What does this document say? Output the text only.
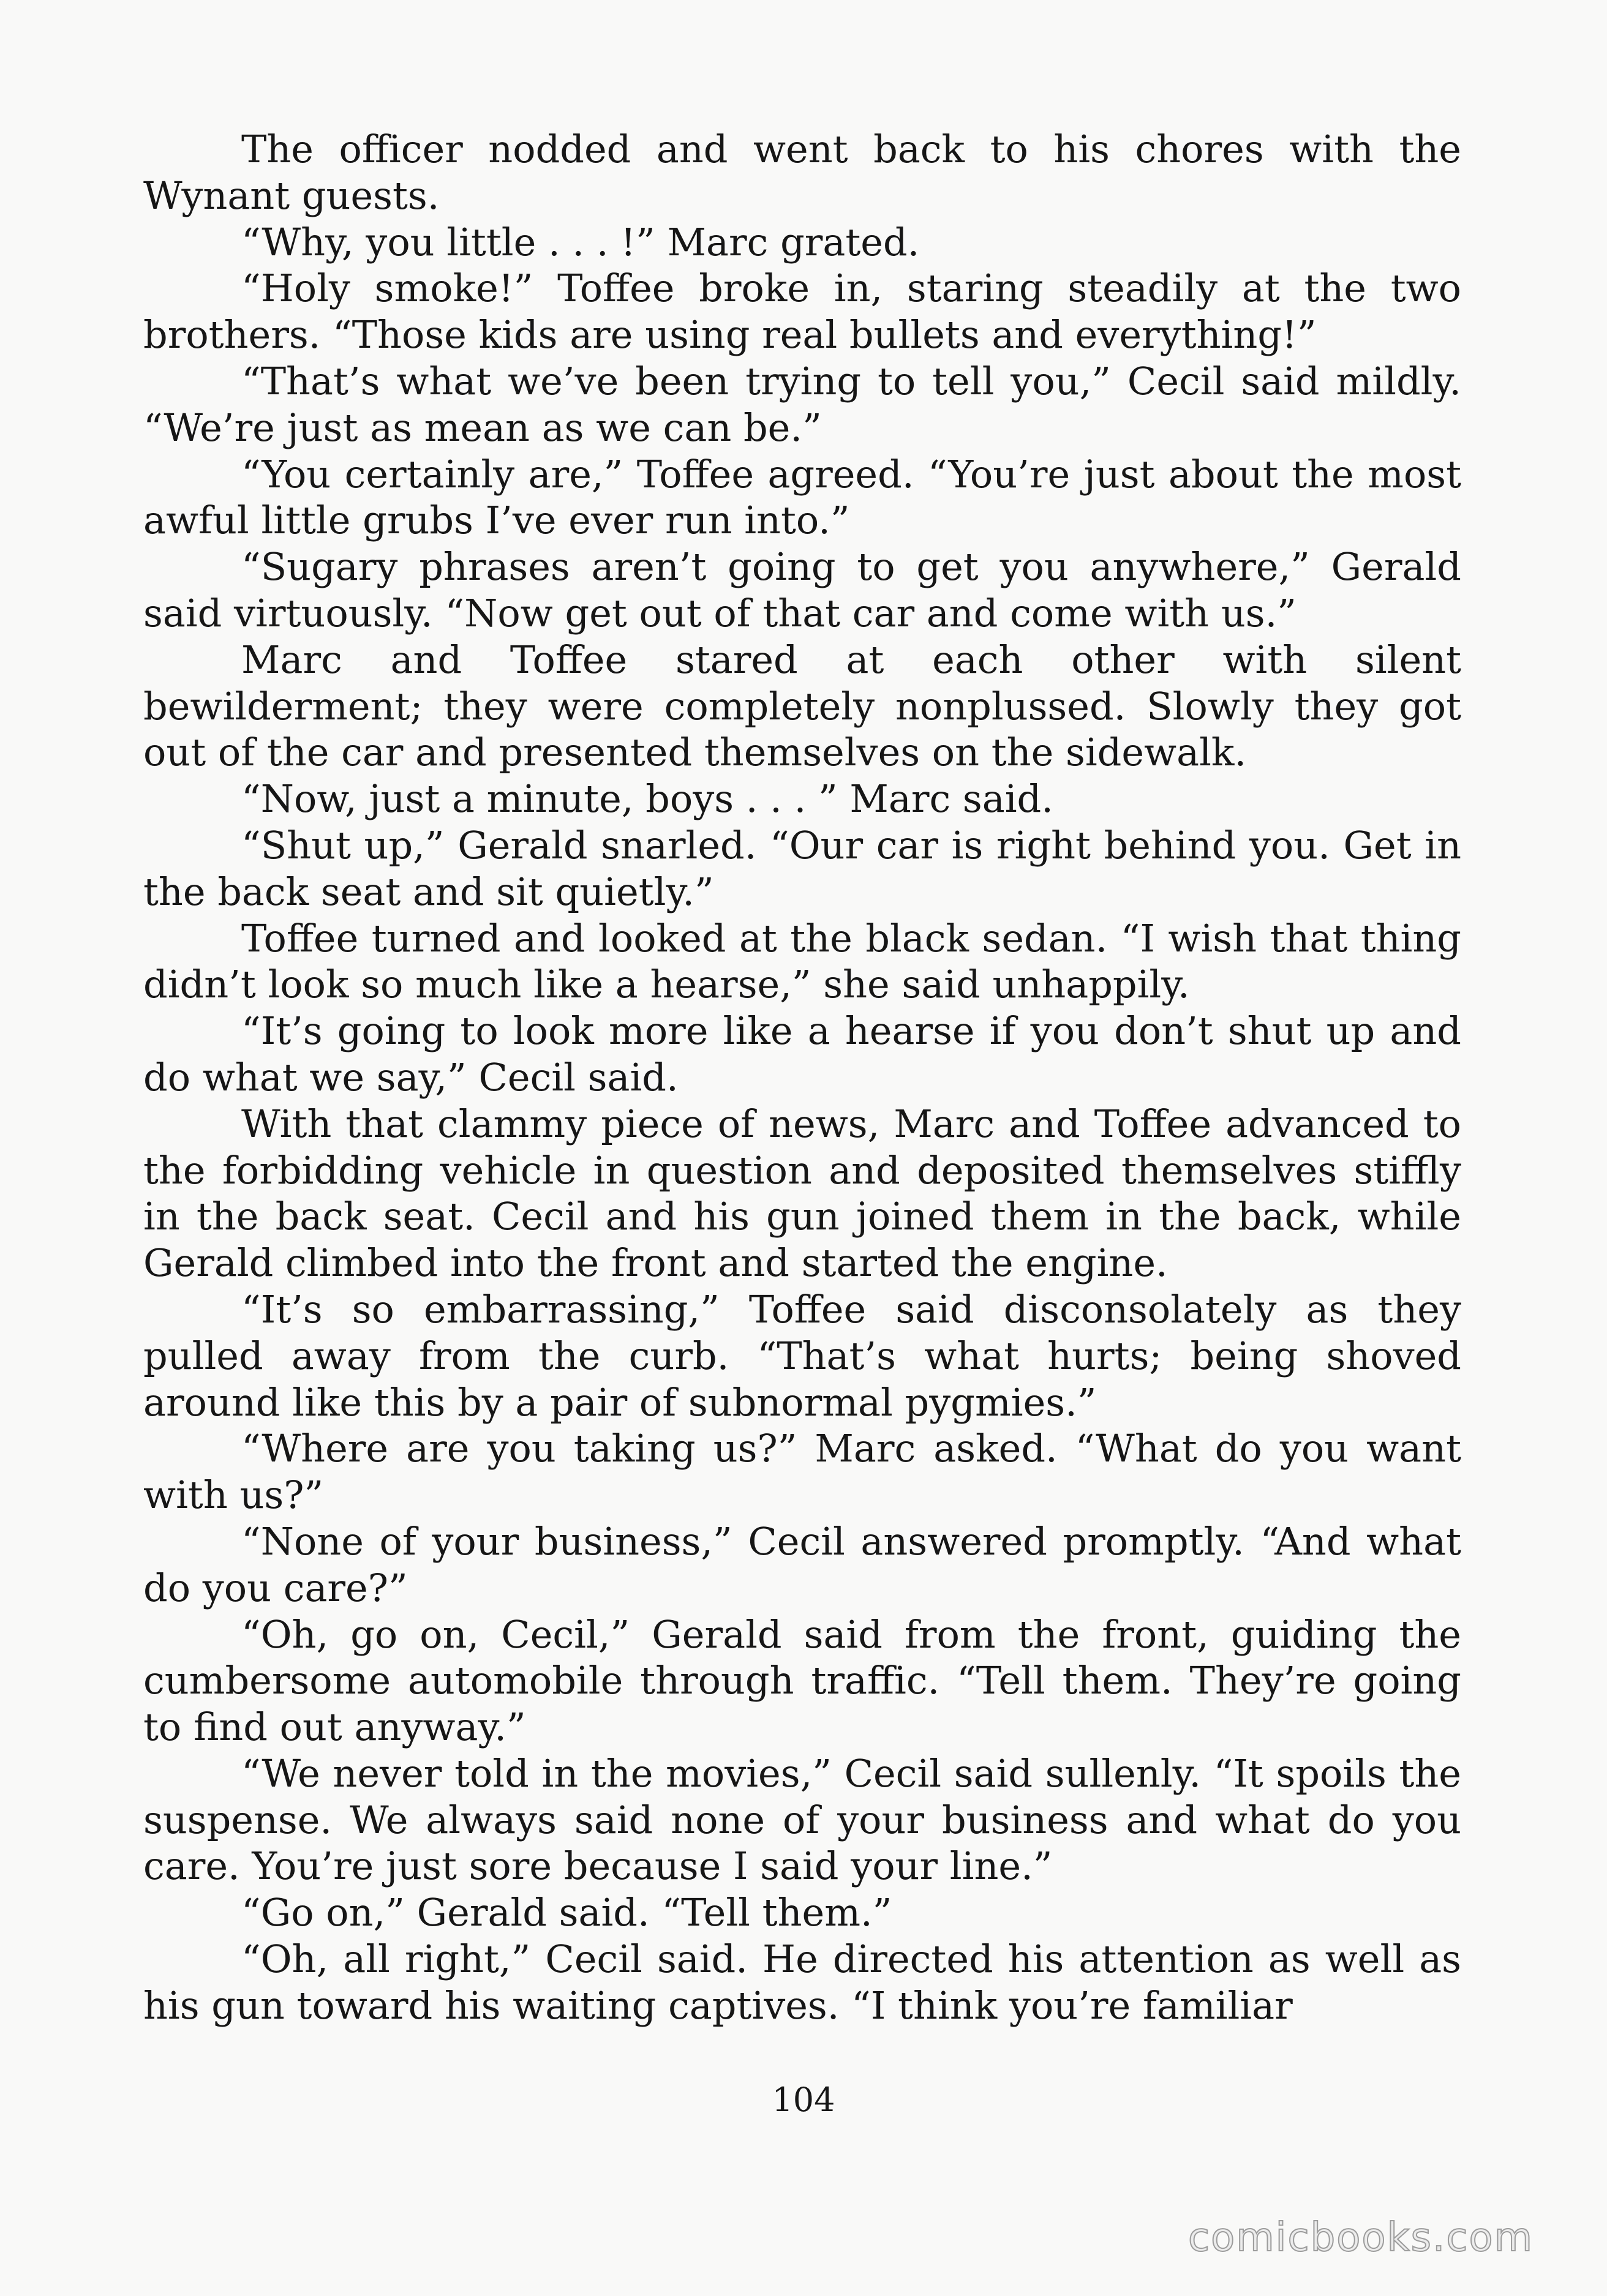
The officer nodded and went back to his chores with the Wynant guests.

“Why, you little . . . !” Marc grated.

“Holy smoke!” Toffee broke in, staring steadily at the two brothers. “Those kids are using real bullets and everything!”

“That’s what we’ve been trying to tell you,” Cecil said mildly. “We’re just as mean as we can be.”

“You certainly are,” Toffee agreed. “You’re just about the most awful little grubs I’ve ever run into.”

“Sugary phrases aren’t going to get you anywhere,” Gerald said virtuously. “Now get out of that car and come with us.”

Marc and Toffee stared at each other with silent bewilderment; they were completely nonplussed. Slowly they got out of the car and presented themselves on the sidewalk.

“Now, just a minute, boys . . . ” Marc said.

“Shut up,” Gerald snarled. “Our car is right behind you. Get in the back seat and sit quietly.”

Toffee turned and looked at the black sedan. “I wish that thing didn’t look so much like a hearse,” she said unhappily.

“It’s going to look more like a hearse if you don’t shut up and do what we say,” Cecil said.

With that clammy piece of news, Marc and Toffee advanced to the forbidding vehicle in question and deposited themselves stiffly in the back seat. Cecil and his gun joined them in the back, while Gerald climbed into the front and started the engine.

“It’s so embarrassing,” Toffee said disconsolately as they pulled away from the curb. “That’s what hurts; being shoved around like this by a pair of subnormal pygmies.”

“Where are you taking us?” Marc asked. “What do you want with us?”

“None of your business,” Cecil answered promptly. “And what do you care?”

“Oh, go on, Cecil,” Gerald said from the front, guiding the cumbersome automobile through traffic. “Tell them. They’re going to find out anyway.”

“We never told in the movies,” Cecil said sullenly. “It spoils the suspense. We always said none of your business and what do you care. You’re just sore because I said your line.”

“Go on,” Gerald said. “Tell them.”

“Oh, all right,” Cecil said. He directed his attention as well as his gun toward his waiting captives. “I think you’re familiar

104
comicbooks.com
